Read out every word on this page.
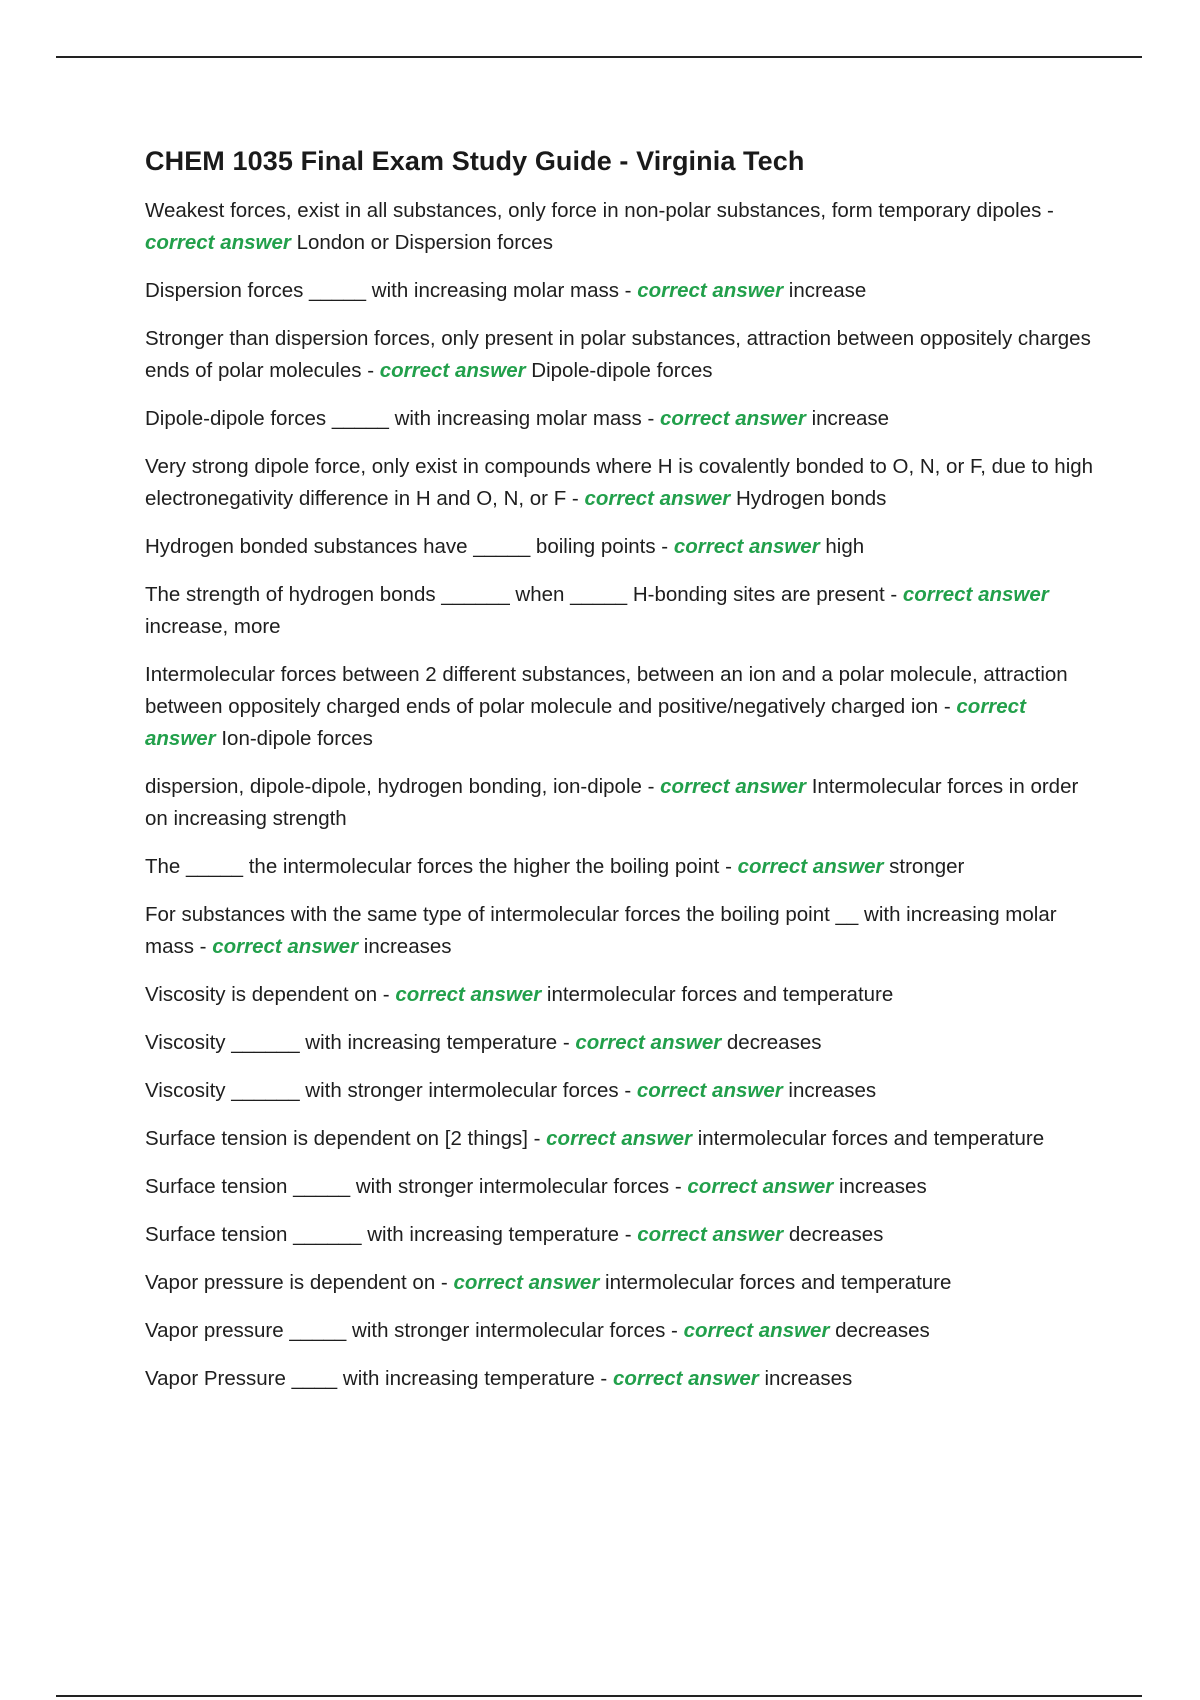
CHEM 1035 Final Exam Study Guide - Virginia Tech

Weakest forces, exist in all substances, only force in non-polar substances, form temporary dipoles - correct answer London or Dispersion forces

Dispersion forces _____ with increasing molar mass - correct answer increase

Stronger than dispersion forces, only present in polar substances, attraction between oppositely charges ends of polar molecules - correct answer Dipole-dipole forces

Dipole-dipole forces _____ with increasing molar mass - correct answer increase

Very strong dipole force, only exist in compounds where H is covalently bonded to O, N, or F, due to high electronegativity difference in H and O, N, or F - correct answer Hydrogen bonds

Hydrogen bonded substances have _____ boiling points - correct answer high

The strength of hydrogen bonds ______ when _____ H-bonding sites are present - correct answer increase, more

Intermolecular forces between 2 different substances, between an ion and a polar molecule, attraction between oppositely charged ends of polar molecule and positive/negatively charged ion - correct answer Ion-dipole forces

dispersion, dipole-dipole, hydrogen bonding, ion-dipole - correct answer Intermolecular forces in order on increasing strength

The _____ the intermolecular forces the higher the boiling point - correct answer stronger

For substances with the same type of intermolecular forces the boiling point __ with increasing molar mass - correct answer increases

Viscosity is dependent on - correct answer intermolecular forces and temperature

Viscosity ______ with increasing temperature - correct answer decreases

Viscosity ______ with stronger intermolecular forces - correct answer increases

Surface tension is dependent on [2 things] - correct answer intermolecular forces and temperature

Surface tension _____ with stronger intermolecular forces - correct answer increases

Surface tension ______ with increasing temperature - correct answer decreases

Vapor pressure is dependent on - correct answer intermolecular forces and temperature

Vapor pressure _____ with stronger intermolecular forces - correct answer decreases

Vapor Pressure ____ with increasing temperature - correct answer increases
